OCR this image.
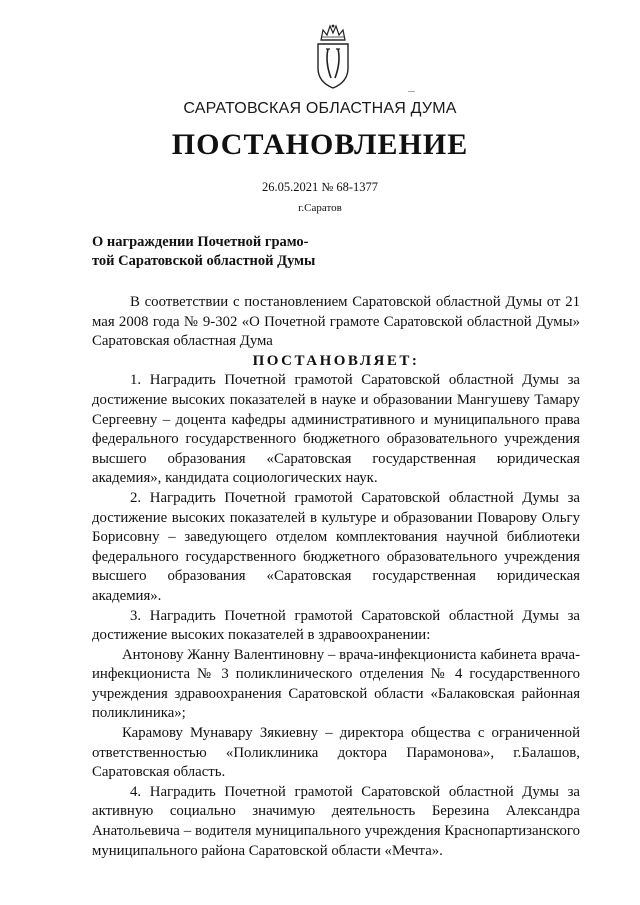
—
САРАТОВСКАЯ ОБЛАСТНАЯ ДУМА
ПОСТАНОВЛЕНИЕ
26.05.2021 № 68-1377
г.Саратов
О награждении Почетной грамо-
той Саратовской областной Думы

В соответствии с постановлением Саратовской областной Думы от 21 мая 2008 года № 9-302 «О Почетной грамоте Саратовской областной Думы» Саратовская областная Дума

ПОСТАНОВЛЯЕТ:

1. Наградить Почетной грамотой Саратовской областной Думы за достижение высоких показателей в науке и образовании Мангушеву Тамару Сергеевну – доцента кафедры административного и муниципального права федерального государственного бюджетного образовательного учреждения высшего образования «Саратовская государственная юридическая академия», кандидата социологических наук.

2. Наградить Почетной грамотой Саратовской областной Думы за достижение высоких показателей в культуре и образовании Поварову Ольгу Борисовну – заведующего отделом комплектования научной библиотеки федерального государственного бюджетного образовательного учреждения высшего образования «Саратовская государственная юридическая академия».

3. Наградить Почетной грамотой Саратовской областной Думы за достижение высоких показателей в здравоохранении:

Антонову Жанну Валентиновну – врача-инфекциониста кабинета врача-инфекциониста № 3 поликлинического отделения № 4 государственного учреждения здравоохранения Саратовской области «Балаковская районная поликлиника»;

Карамову Мунавару Зякиевну – директора общества с ограниченной ответственностью «Поликлиника доктора Парамонова», г.Балашов, Саратовская область.

4. Наградить Почетной грамотой Саратовской областной Думы за активную социально значимую деятельность Березина Александра Анатольевича – водителя муниципального учреждения Краснопартизанского муниципального района Саратовской области «Мечта».
